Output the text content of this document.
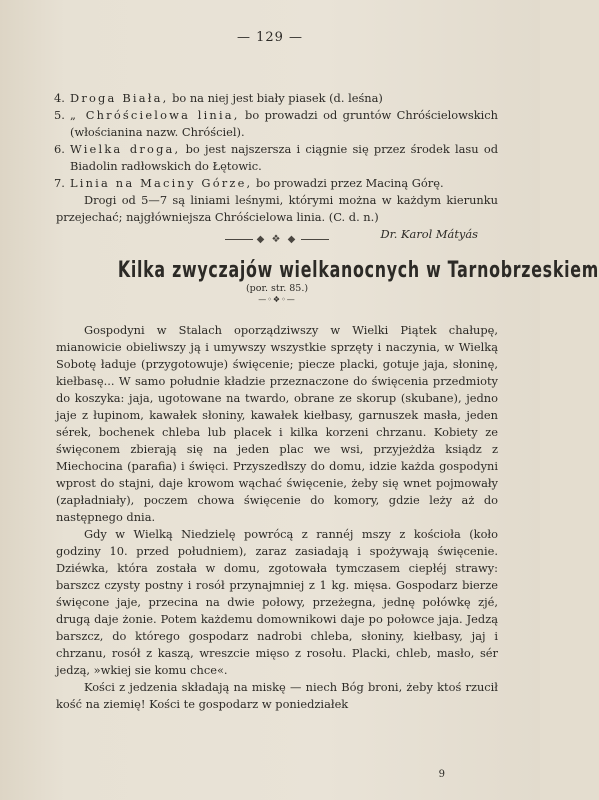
— 129 —
4. Droga Biała, bo na niej jest biały piasek (d. leśna)
5. „ Chróścielowa linia, bo prowadzi od gruntów Chróścielowskich (włościanina nazw. Chróściel).
6. Wielka droga, bo jest najszersza i ciągnie się przez środek lasu od Biadolin radłowskich do Łętowic.
7. Linia na Maciny Górze, bo prowadzi przez Maciną Górę.

Drogi od 5—7 są liniami leśnymi, którymi można w każdym kierunku przejechać; najgłówniejsza Chróścielowa linia. (C. d. n.)

Dr. Karol Mátyás
◆ ❖ ◆
Kilka zwyczajów wielkanocnych w Tarnobrzeskiem
(por. str. 85.)
—◦❖◦—

Gospodyni w Stalach oporządziwszy w Wielki Piątek chałupę, mianowicie obieliwszy ją i umywszy wszystkie sprzęty i naczynia, w Wielką Sobotę ładuje (przygotowuje) święcenie; piecze placki, gotuje jaja, słoninę, kiełbasę... W samo południe kładzie przeznaczone do święcenia przedmioty do koszyka: jaja, ugotowane na twardo, obrane ze skorup (skubane), jedno jaje z łupinom, kawałek słoniny, kawałek kiełbasy, garnuszek masła, jeden sérek, bochenek chleba lub placek i kilka korzeni chrzanu. Kobiety ze święconem zbierają się na jeden plac we wsi, przyjeżdża ksiądz z Miechocina (parafia) i święci. Przyszedłszy do domu, idzie każda gospodyni wprost do stajni, daje krowom wąchać święcenie, żeby się wnet pojmowały (zapładniały), poczem chowa święcenie do komory, gdzie leży aż do następnego dnia.

Gdy w Wielką Niedzielę powrócą z rannéj mszy z kościoła (koło godziny 10. przed południem), zaraz zasiadają i spożywają święcenie. Dziéwka, która została w domu, zgotowała tymczasem ciepłéj strawy: barszcz czysty postny i rosół przynajmniej z 1 kg. mięsa. Gospodarz bierze święcone jaje, przecina na dwie połowy, przeżegna, jednę połówkę zjé, drugą daje żonie. Potem każdemu domownikowi daje po połowce jaja. Jedzą barszcz, do którego gospodarz nadrobi chleba, słoniny, kiełbasy, jaj i chrzanu, rosół z kaszą, wreszcie mięso z rosołu. Placki, chleb, masło, sér jedzą, »wkiej sie komu chce«.

Kości z jedzenia składają na miskę — niech Bóg broni, żeby ktoś rzucił kość na ziemię! Kości te gospodarz w poniedziałek

9
